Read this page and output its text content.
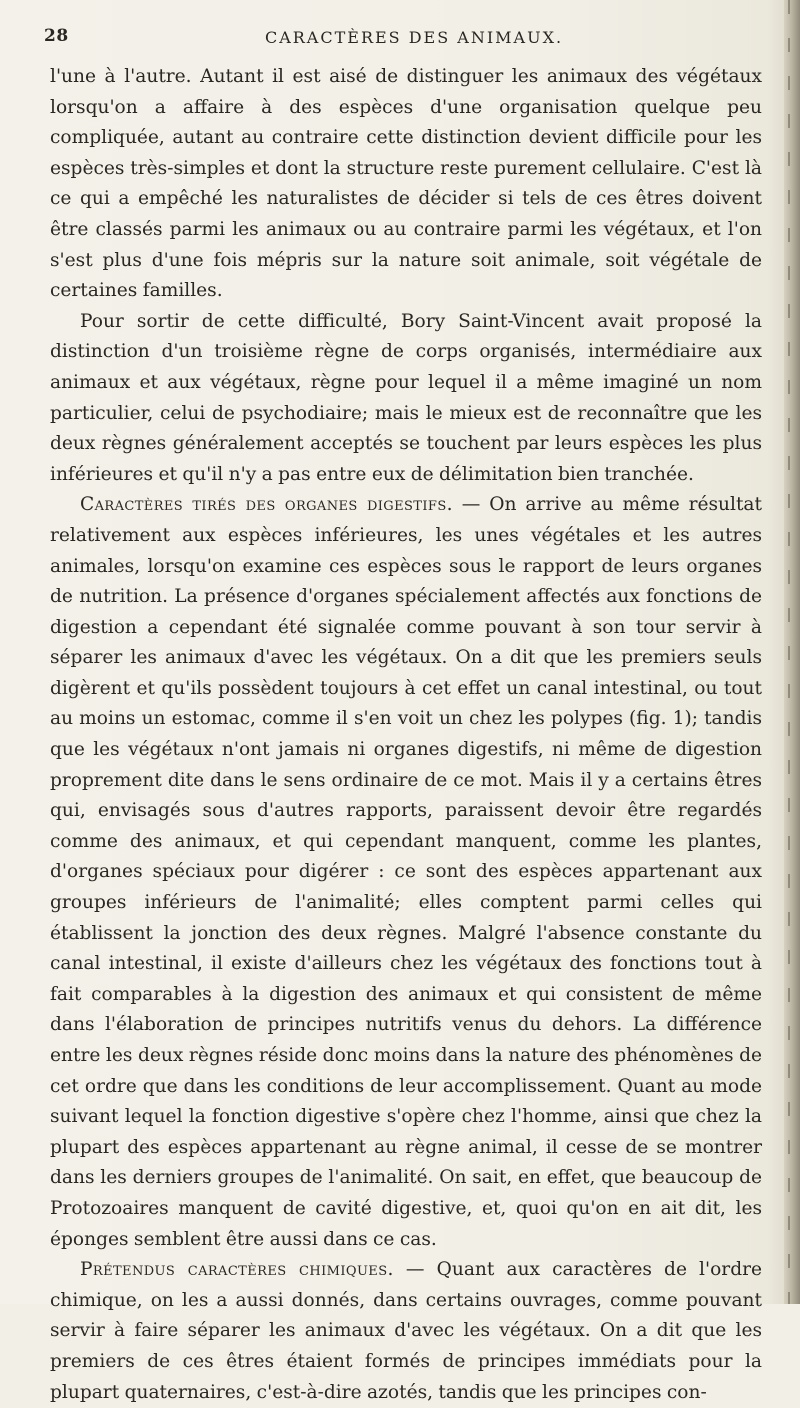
28	CARACTÈRES DES ANIMAUX.

l'une à l'autre. Autant il est aisé de distinguer les animaux des végétaux lorsqu'on a affaire à des espèces d'une organisation quelque peu compliquée, autant au contraire cette distinction devient difficile pour les espèces très-simples et dont la structure reste purement cellulaire. C'est là ce qui a empêché les naturalistes de décider si tels de ces êtres doivent être classés parmi les animaux ou au contraire parmi les végétaux, et l'on s'est plus d'une fois mépris sur la nature soit animale, soit végétale de certaines familles.

Pour sortir de cette difficulté, Bory Saint-Vincent avait proposé la distinction d'un troisième règne de corps organisés, intermédiaire aux animaux et aux végétaux, règne pour lequel il a même imaginé un nom particulier, celui de psychodiaire; mais le mieux est de reconnaître que les deux règnes généralement acceptés se touchent par leurs espèces les plus inférieures et qu'il n'y a pas entre eux de délimitation bien tranchée.

Caractères tirés des organes digestifs. — On arrive au même résultat relativement aux espèces inférieures, les unes végétales et les autres animales, lorsqu'on examine ces espèces sous le rapport de leurs organes de nutrition. La présence d'organes spécialement affectés aux fonctions de digestion a cependant été signalée comme pouvant à son tour servir à séparer les animaux d'avec les végétaux. On a dit que les premiers seuls digèrent et qu'ils possèdent toujours à cet effet un canal intestinal, ou tout au moins un estomac, comme il s'en voit un chez les polypes (fig. 1); tandis que les végétaux n'ont jamais ni organes digestifs, ni même de digestion proprement dite dans le sens ordinaire de ce mot. Mais il y a certains êtres qui, envisagés sous d'autres rapports, paraissent devoir être regardés comme des animaux, et qui cependant manquent, comme les plantes, d'organes spéciaux pour digérer : ce sont des espèces appartenant aux groupes inférieurs de l'animalité; elles comptent parmi celles qui établissent la jonction des deux règnes. Malgré l'absence constante du canal intestinal, il existe d'ailleurs chez les végétaux des fonctions tout à fait comparables à la digestion des animaux et qui consistent de même dans l'élaboration de principes nutritifs venus du dehors. La différence entre les deux règnes réside donc moins dans la nature des phénomènes de cet ordre que dans les conditions de leur accomplissement. Quant au mode suivant lequel la fonction digestive s'opère chez l'homme, ainsi que chez la plupart des espèces appartenant au règne animal, il cesse de se montrer dans les derniers groupes de l'animalité. On sait, en effet, que beaucoup de Protozoaires manquent de cavité digestive, et, quoi qu'on en ait dit, les éponges semblent être aussi dans ce cas.

Prétendus caractères chimiques. — Quant aux caractères de l'ordre chimique, on les a aussi donnés, dans certains ouvrages, comme pouvant servir à faire séparer les animaux d'avec les végétaux. On a dit que les premiers de ces êtres étaient formés de principes immédiats pour la plupart quaternaires, c'est-à-dire azotés, tandis que les principes con-
